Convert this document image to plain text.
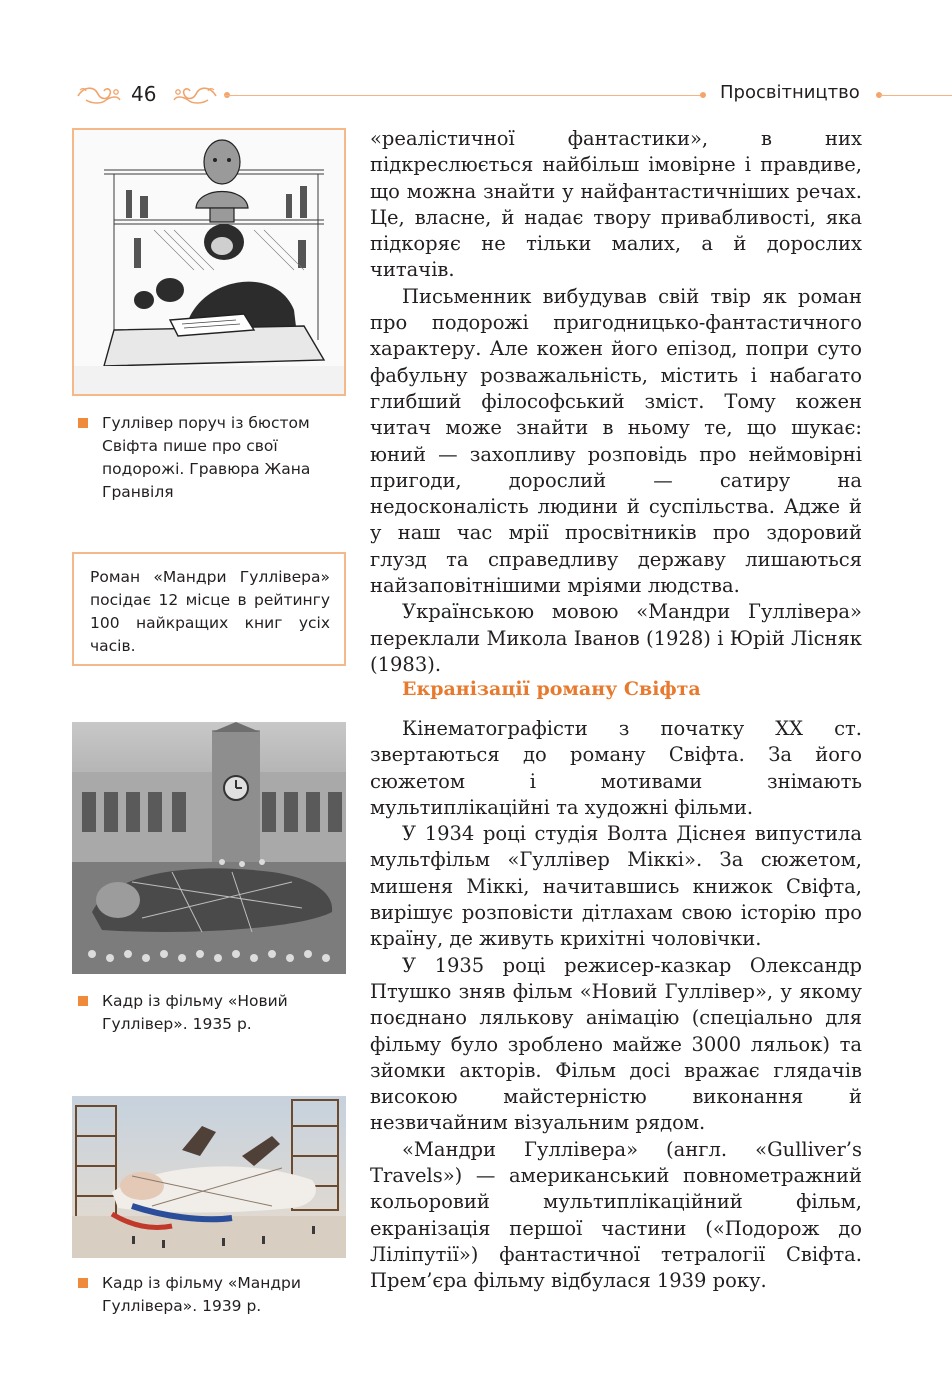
46	Просвітництво
Гуллівер поруч із бюстом Свіфта пише про свої подорожі. Гравюра Жана Гранвіля
Роман «Мандри Гуллівера» посідає 12 місце в рейтингу 100 найкращих книг усіх часів.
Кадр із фільму «Новий Гуллівер». 1935 р.
Кадр із фільму «Мандри Гуллівера». 1939 р.

«реалістичної фантастики», в них підкреслюється найбільш імовірне і правдиве, що можна знайти у найфантастичніших речах. Це, власне, й надає твору привабливості, яка підкоряє не тільки малих, а й дорослих читачів.

Письменник вибудував свій твір як роман про подорожі пригодницько-фантастичного характеру. Але кожен його епізод, попри суто фабульну розважальність, містить і набагато глибший філософський зміст. Тому кожен читач може знайти в ньому те, що шукає: юний — захопливу розповідь про неймовірні пригоди, дорослий — сатиру на недосконалість людини й суспільства. Адже й у наш час мрії просвітників про здоровий глузд та справедливу державу лишаються найзаповітнішими мріями людства.

Українською мовою «Мандри Гуллівера» переклали Микола Іванов (1928) і Юрій Лісняк (1983).

Екранізації роману Свіфта

Кінематографісти з початку XX ст. звертаються до роману Свіфта. За його сюжетом і мотивами знімають мультиплікаційні та художні фільми.

У 1934 році студія Волта Діснея випустила мультфільм «Гуллівер Міккі». За сюжетом, мишеня Міккі, начитавшись книжок Свіфта, вирішує розповісти дітлахам свою історію про країну, де живуть крихітні чоловічки.

У 1935 році режисер-казкар Олександр Птушко зняв фільм «Новий Гуллівер», у якому поєднано лялькову анімацію (спеціально для фільму було зроблено майже 3000 ляльок) та зйомки акторів. Фільм досі вражає глядачів високою майстерністю виконання й незвичайним візуальним рядом.

«Мандри Гуллівера» (англ. «Gulliver’s Travels») — американський повнометражний кольоровий мультиплікаційний фільм, екранізація першої частини («Подорож до Ліліпутії») фантастичної тетралогії Свіфта. Прем’єра фільму відбулася 1939 року.
